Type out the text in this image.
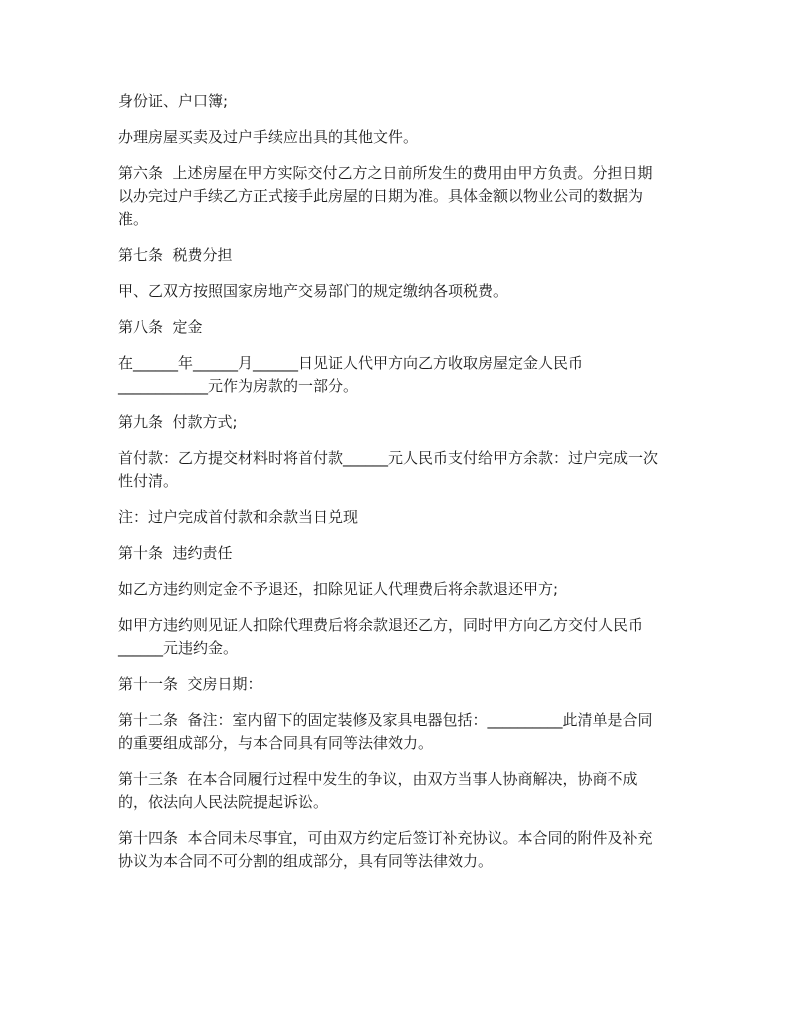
身份证、户口簿;

办理房屋买卖及过户手续应出具的其他文件。

第六条  上述房屋在甲方实际交付乙方之日前所发生的费用由甲方负责。分担日期
以办完过户手续乙方正式接手此房屋的日期为准。具体金额以物业公司的数据为
准。

第七条  税费分担

甲、乙双方按照国家房地产交易部门的规定缴纳各项税费。

第八条  定金

在______年______月______日见证人代甲方向乙方收取房屋定金人民币
____________元作为房款的一部分。

第九条  付款方式;

首付款：乙方提交材料时将首付款______元人民币支付给甲方余款：过户完成一次
性付清。

注：过户完成首付款和余款当日兑现

第十条  违约责任

如乙方违约则定金不予退还，扣除见证人代理费后将余款退还甲方;

如甲方违约则见证人扣除代理费后将余款退还乙方，同时甲方向乙方交付人民币
______元违约金。

第十一条  交房日期：

第十二条  备注：室内留下的固定装修及家具电器包括：__________此清单是合同
的重要组成部分，与本合同具有同等法律效力。

第十三条  在本合同履行过程中发生的争议，由双方当事人协商解决，协商不成
的，依法向人民法院提起诉讼。

第十四条  本合同未尽事宜，可由双方约定后签订补充协议。本合同的附件及补充
协议为本合同不可分割的组成部分，具有同等法律效力。
